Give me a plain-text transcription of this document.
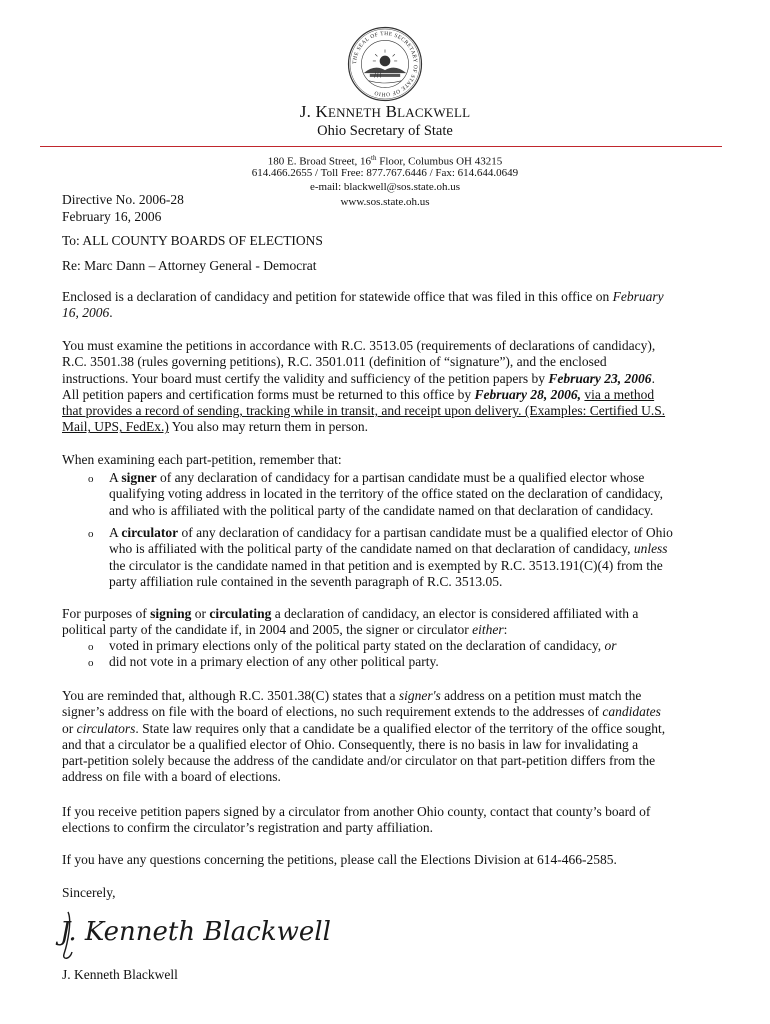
THE SEAL OF THE SECRETARY OF STATE OF OHIO
J. KENNETH BLACKWELL
Ohio Secretary of State
180 E. Broad Street, 16th Floor, Columbus OH 43215
614.466.2655 / Toll Free: 877.767.6446 / Fax: 614.644.0649
e-mail: blackwell@sos.state.oh.us
www.sos.state.oh.us
Directive No. 2006-28
February 16, 2006
To: ALL COUNTY BOARDS OF ELECTIONS
Re: Marc Dann – Attorney General - Democrat
Enclosed is a declaration of candidacy and petition for statewide office that was filed in this office on February
16, 2006.
You must examine the petitions in accordance with R.C. 3513.05 (requirements of declarations of candidacy),
R.C. 3501.38 (rules governing petitions), R.C. 3501.011 (definition of “signature”), and the enclosed
instructions. Your board must certify the validity and sufficiency of the petition papers by February 23, 2006.
All petition papers and certification forms must be returned to this office by February 28, 2006, via a method
that provides a record of sending, tracking while in transit, and receipt upon delivery. (Examples: Certified U.S.
Mail, UPS, FedEx.) You also may return them in person.
When examining each part-petition, remember that:
o A signer of any declaration of candidacy for a partisan candidate must be a qualified elector whose
qualifying voting address in located in the territory of the office stated on the declaration of candidacy,
and who is affiliated with the political party of the candidate named on that declaration of candidacy.
o A circulator of any declaration of candidacy for a partisan candidate must be a qualified elector of Ohio
who is affiliated with the political party of the candidate named on that declaration of candidacy, unless
the circulator is the candidate named in that petition and is exempted by R.C. 3513.191(C)(4) from the
party affiliation rule contained in the seventh paragraph of R.C. 3513.05.
For purposes of signing or circulating a declaration of candidacy, an elector is considered affiliated with a
political party of the candidate if, in 2004 and 2005, the signer or circulator either:
o voted in primary elections only of the political party stated on the declaration of candidacy, or
o did not vote in a primary election of any other political party.
You are reminded that, although R.C. 3501.38(C) states that a signer's address on a petition must match the
signer’s address on file with the board of elections, no such requirement extends to the addresses of candidates
or circulators. State law requires only that a candidate be a qualified elector of the territory of the office sought,
and that a circulator be a qualified elector of Ohio. Consequently, there is no basis in law for invalidating a
part-petition solely because the address of the candidate and/or circulator on that part-petition differs from the
address on file with a board of elections.
If you receive petition papers signed by a circulator from another Ohio county, contact that county’s board of
elections to confirm the circulator’s registration and party affiliation.
If you have any questions concerning the petitions, please call the Elections Division at 614-466-2585.
Sincerely,
J. Kenneth Blackwell
J. Kenneth Blackwell
